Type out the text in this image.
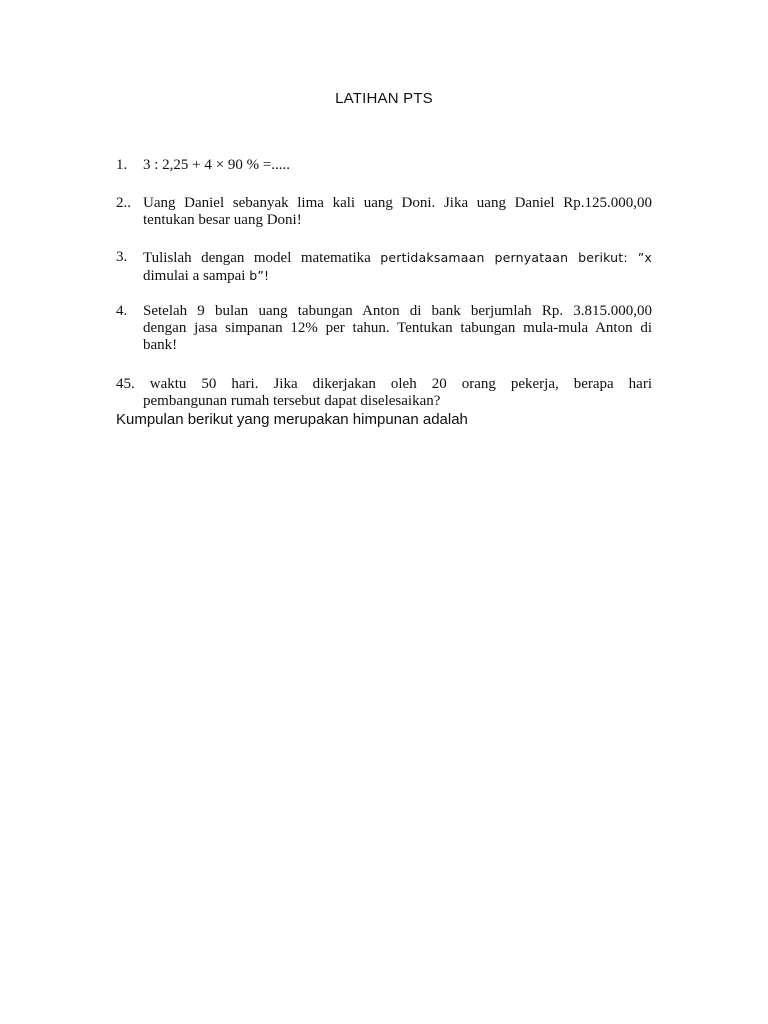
LATIHAN PTS
1.	3 : 2,25 + 4 × 90 % =.....
2.. Uang Daniel sebanyak lima kali uang Doni. Jika uang Daniel Rp.125.000,00
tentukan besar uang Doni!
3.	Tulislah dengan model matematika pertidaksamaan pernyataan berikut: ”x
dimulai a sampai b”!
4.	Setelah 9 bulan uang tabungan Anton di bank berjumlah Rp. 3.815.000,00
dengan jasa simpanan 12% per tahun. Tentukan tabungan mula-mula Anton di
bank!
45. waktu 50 hari. Jika dikerjakan oleh 20 orang pekerja, berapa hari
pembangunan rumah tersebut dapat diselesaikan?
Kumpulan berikut yang merupakan himpunan adalah
